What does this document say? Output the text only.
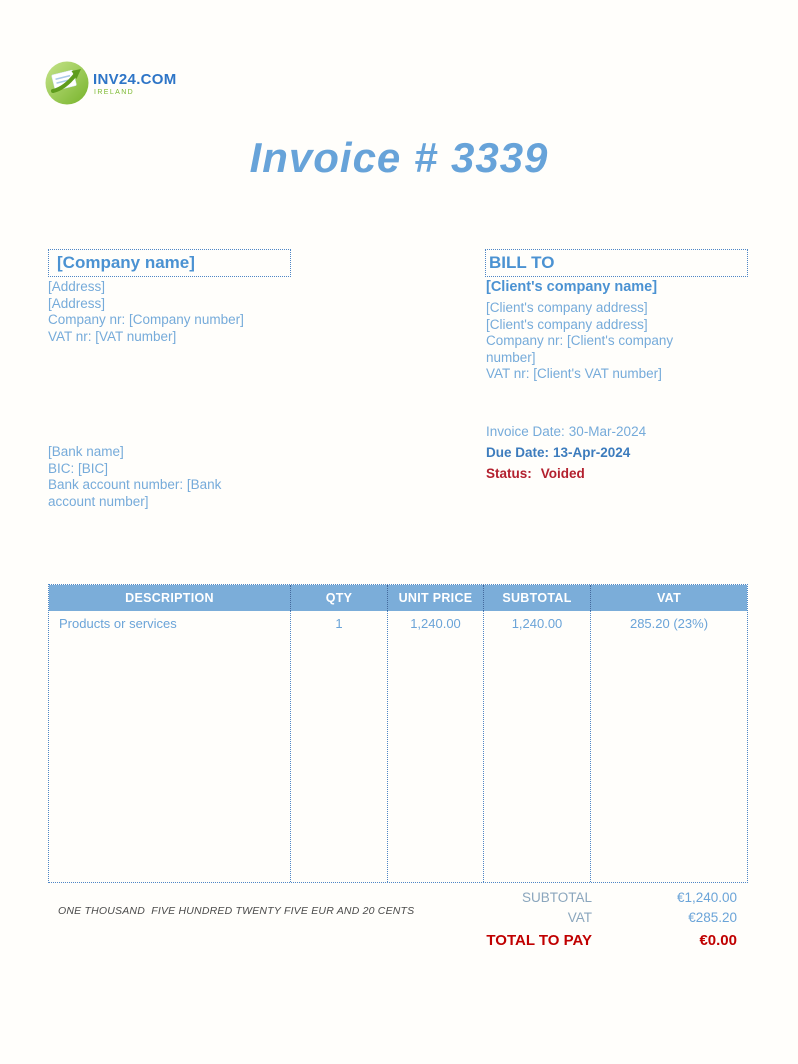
INV24.COM
IRELAND
Invoice # 3339
[Company name]
[Address]
[Address]
Company nr: [Company number]
VAT nr: [VAT number]
[Bank name]
BIC: [BIC]
Bank account number: [Bank account number]
BILL TO
[Client's company name]
[Client's company address]
[Client's company address]
Company nr: [Client's company number]
VAT nr: [Client's VAT number]
Invoice Date: 30-Mar-2024
Due Date: 13-Apr-2024
Status: Voided
DESCRIPTION	QTY	UNIT PRICE	SUBTOTAL	VAT
Products or services	1	1,240.00	1,240.00	285.20 (23%)
ONE THOUSAND  FIVE HUNDRED TWENTY FIVE EUR AND 20 CENTS
SUBTOTAL	€1,240.00
VAT	€285.20
TOTAL TO PAY	€0.00
